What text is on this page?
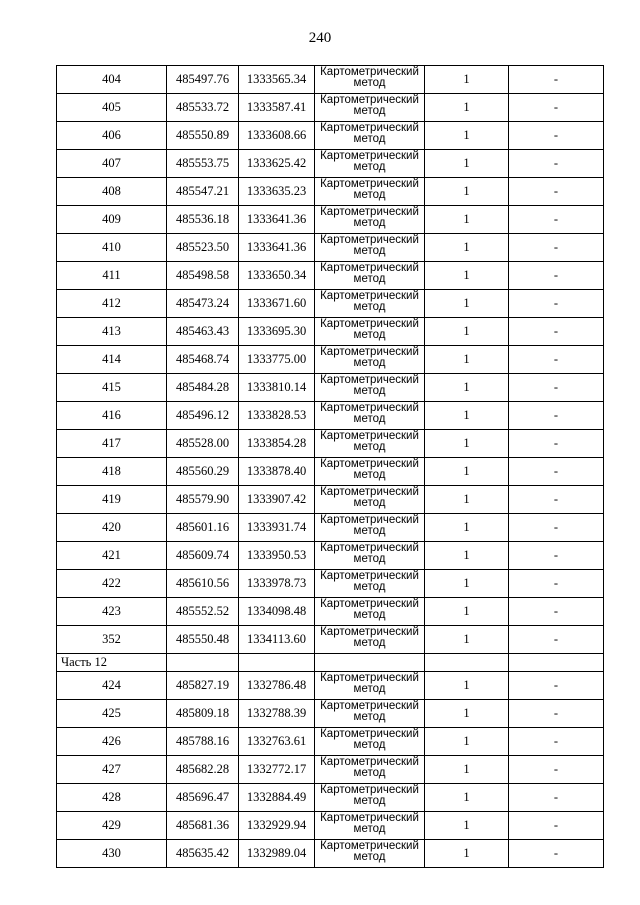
240
404	485497.76	1333565.34	Картометрический метод	1	-
405	485533.72	1333587.41	Картометрический метод	1	-
406	485550.89	1333608.66	Картометрический метод	1	-
407	485553.75	1333625.42	Картометрический метод	1	-
408	485547.21	1333635.23	Картометрический метод	1	-
409	485536.18	1333641.36	Картометрический метод	1	-
410	485523.50	1333641.36	Картометрический метод	1	-
411	485498.58	1333650.34	Картометрический метод	1	-
412	485473.24	1333671.60	Картометрический метод	1	-
413	485463.43	1333695.30	Картометрический метод	1	-
414	485468.74	1333775.00	Картометрический метод	1	-
415	485484.28	1333810.14	Картометрический метод	1	-
416	485496.12	1333828.53	Картометрический метод	1	-
417	485528.00	1333854.28	Картометрический метод	1	-
418	485560.29	1333878.40	Картометрический метод	1	-
419	485579.90	1333907.42	Картометрический метод	1	-
420	485601.16	1333931.74	Картометрический метод	1	-
421	485609.74	1333950.53	Картометрический метод	1	-
422	485610.56	1333978.73	Картометрический метод	1	-
423	485552.52	1334098.48	Картометрический метод	1	-
352	485550.48	1334113.60	Картометрический метод	1	-
Часть 12					
424	485827.19	1332786.48	Картометрический метод	1	-
425	485809.18	1332788.39	Картометрический метод	1	-
426	485788.16	1332763.61	Картометрический метод	1	-
427	485682.28	1332772.17	Картометрический метод	1	-
428	485696.47	1332884.49	Картометрический метод	1	-
429	485681.36	1332929.94	Картометрический метод	1	-
430	485635.42	1332989.04	Картометрический метод	1	-
